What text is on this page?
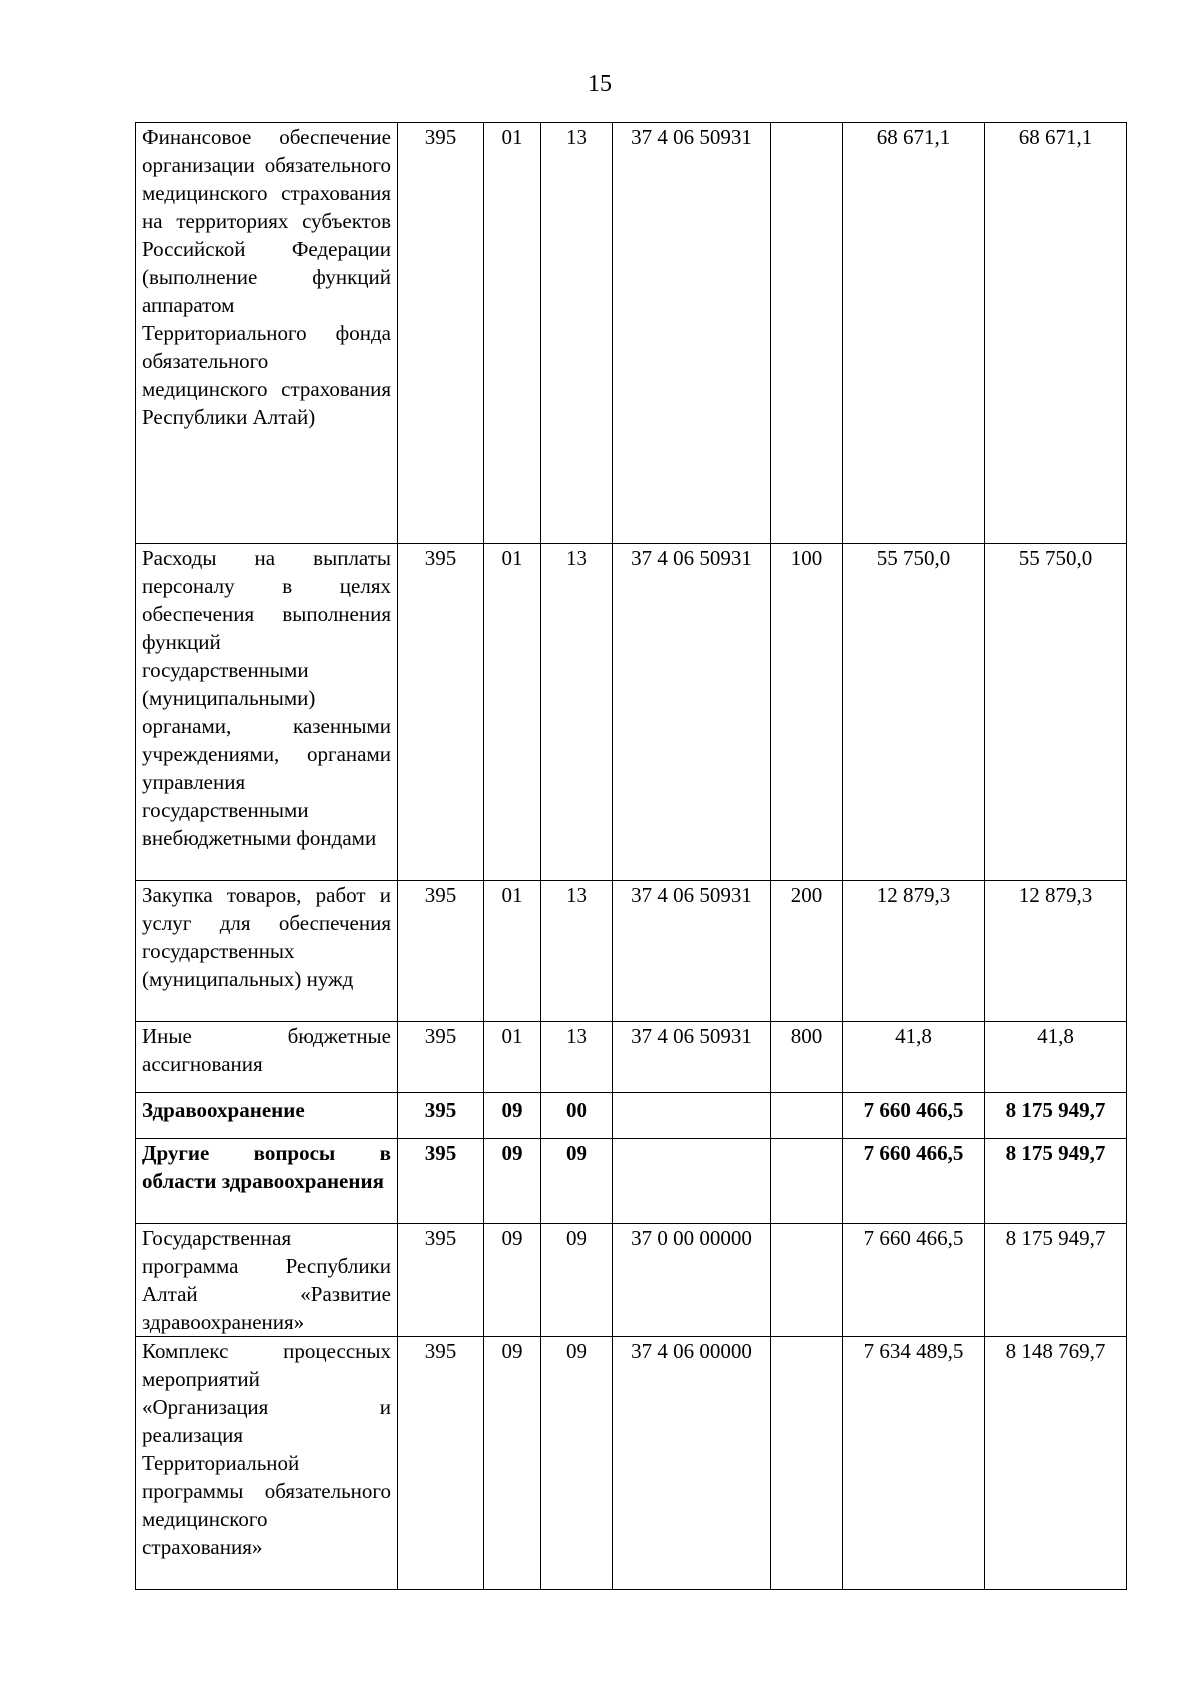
15
Финансовое обеспечение организации обязательного медицинского страхования на территориях субъектов Российской Федерации (выполнение функций аппаратом Территориального фонда обязательного медицинского страхования Республики Алтай)	395	01	13	37 4 06 50931		68 671,1	68 671,1
Расходы на выплаты персоналу в целях обеспечения выполнения функций государственными (муниципальными) органами, казенными учреждениями, органами управления государственными внебюджетными фондами	395	01	13	37 4 06 50931	100	55 750,0	55 750,0
Закупка товаров, работ и услуг для обеспечения государственных (муниципальных) нужд	395	01	13	37 4 06 50931	200	12 879,3	12 879,3
Иные бюджетные ассигнования	395	01	13	37 4 06 50931	800	41,8	41,8
Здравоохранение	395	09	00			7 660 466,5	8 175 949,7
Другие вопросы в области здравоохранения	395	09	09			7 660 466,5	8 175 949,7
Государственная программа Республики Алтай «Развитие здравоохранения»	395	09	09	37 0 00 00000		7 660 466,5	8 175 949,7
Комплекс процессных мероприятий «Организация и реализация Территориальной программы обязательного медицинского страхования»	395	09	09	37 4 06 00000		7 634 489,5	8 148 769,7
